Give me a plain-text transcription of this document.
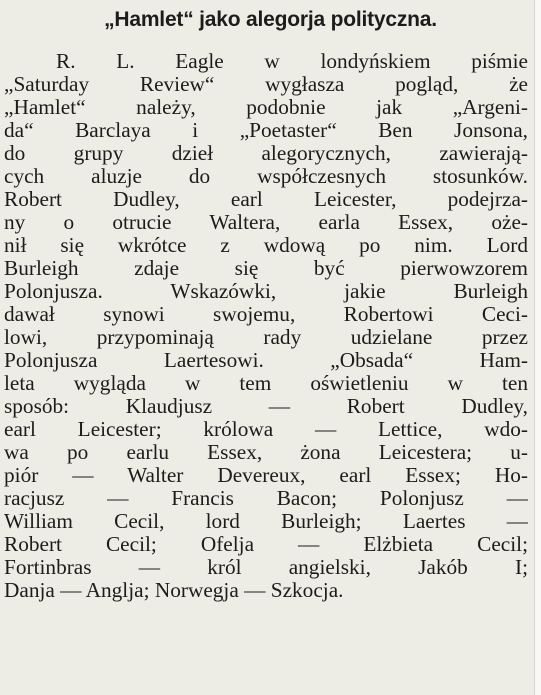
„Hamlet“ jako alegorja polityczna.
R. L. Eagle w londyńskiem piśmie
„Saturday Review“ wygłasza pogląd, że
„Hamlet“ należy, podobnie jak „Argeni-
da“ Barclaya i „Poetaster“ Ben Jonsona,
do grupy dzieł alegorycznych, zawierają-
cych aluzje do współczesnych stosunków.
Robert Dudley, earl Leicester, podejrza-
ny o otrucie Waltera, earla Essex, oże-
nił się wkrótce z wdową po nim. Lord
Burleigh zdaje się być pierwowzorem
Polonjusza. Wskazówki, jakie Burleigh
dawał synowi swojemu, Robertowi Ceci-
lowi, przypominają rady udzielane przez
Polonjusza Laertesowi. „Obsada“ Ham-
leta wygląda w tem oświetleniu w ten
sposób: Klaudjusz — Robert Dudley,
earl Leicester; królowa — Lettice, wdo-
wa po earlu Essex, żona Leicestera; u-
piór — Walter Devereux, earl Essex; Ho-
racjusz — Francis Bacon; Polonjusz —
William Cecil, lord Burleigh; Laertes —
Robert Cecil; Ofelja — Elżbieta Cecil;
Fortinbras — król angielski, Jakób I;
Danja — Anglja; Norwegja — Szkocja.
